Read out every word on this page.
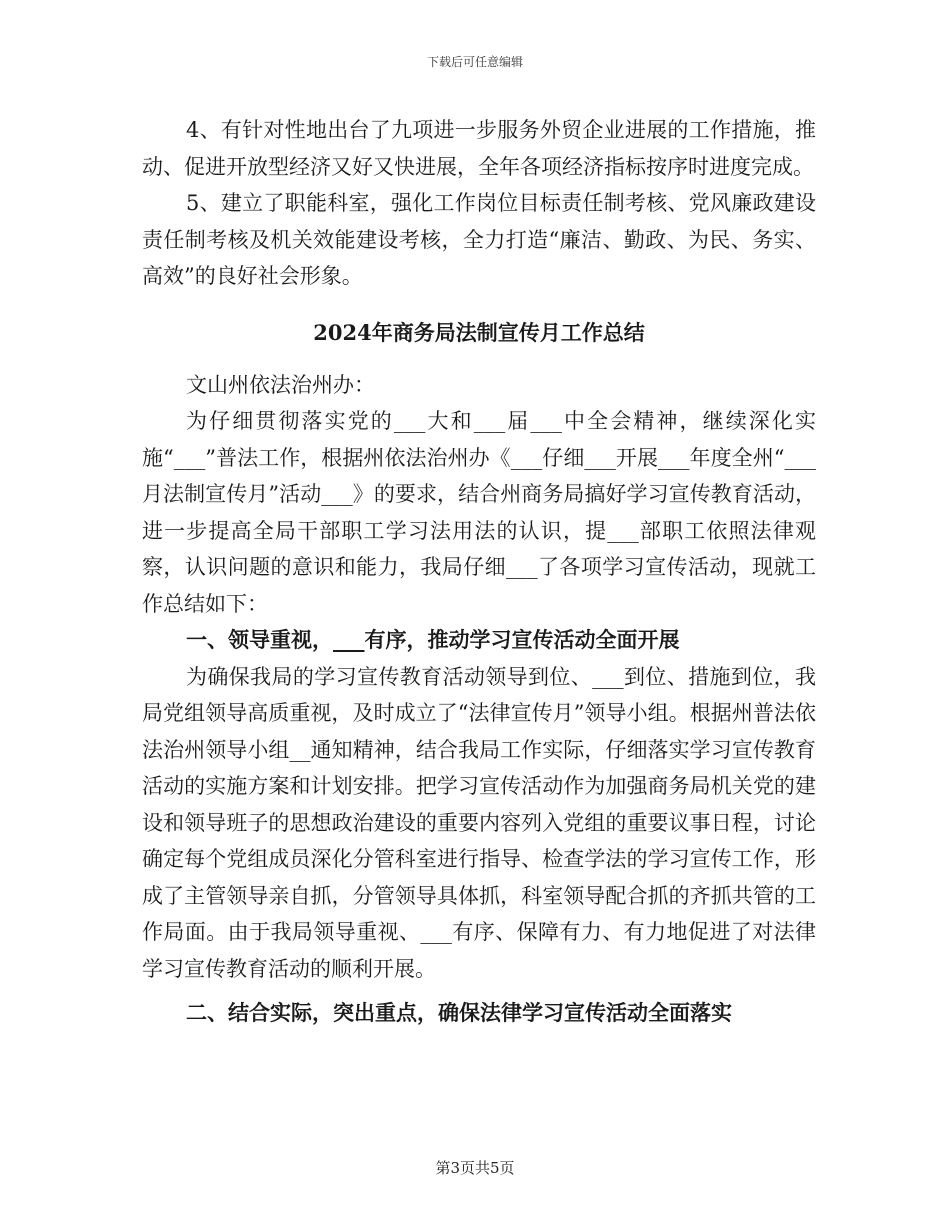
下载后可任意编辑

4、有针对性地出台了九项进一步服务外贸企业进展的工作措施，推动、促进开放型经济又好又快进展，全年各项经济指标按序时进度完成。

5、建立了职能科室，强化工作岗位目标责任制考核、党风廉政建设责任制考核及机关效能建设考核，全力打造“廉洁、勤政、为民、务实、高效”的良好社会形象。

2024年商务局法制宣传月工作总结

文山州依法治州办：

为仔细贯彻落实党的___大和___届___中全会精神，继续深化实施“___”普法工作，根据州依法治州办《___仔细___开展___年度全州“___月法制宣传月”活动___》的要求，结合州商务局搞好学习宣传教育活动，进一步提高全局干部职工学习法用法的认识，提___部职工依照法律观察，认识问题的意识和能力，我局仔细___了各项学习宣传活动，现就工作总结如下：

一、领导重视，___有序，推动学习宣传活动全面开展

为确保我局的学习宣传教育活动领导到位、___到位、措施到位，我局党组领导高质重视，及时成立了“法律宣传月”领导小组。根据州普法依法治州领导小组__通知精神，结合我局工作实际，仔细落实学习宣传教育活动的实施方案和计划安排。把学习宣传活动作为加强商务局机关党的建设和领导班子的思想政治建设的重要内容列入党组的重要议事日程，讨论确定每个党组成员深化分管科室进行指导、检查学法的学习宣传工作，形成了主管领导亲自抓，分管领导具体抓，科室领导配合抓的齐抓共管的工作局面。由于我局领导重视、___有序、保障有力、有力地促进了对法律学习宣传教育活动的顺利开展。

二、结合实际，突出重点，确保法律学习宣传活动全面落实

第3页共5页
